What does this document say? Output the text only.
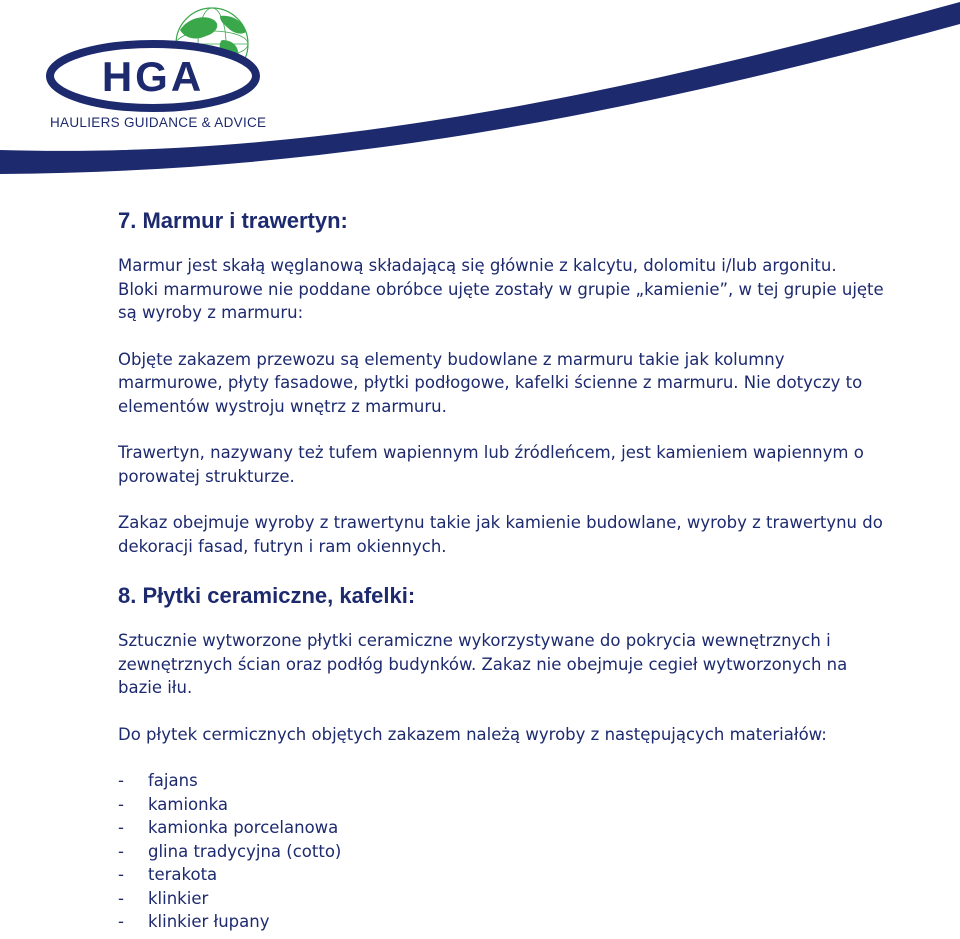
HGA
HAULIERS GUIDANCE & ADVICE
7. Marmur i trawertyn:

Marmur jest skałą węglanową składającą się głównie z kalcytu, dolomitu i/lub argonitu.
Bloki marmurowe nie poddane obróbce ujęte zostały w grupie „kamienie”, w tej grupie ujęte
są wyroby z marmuru:

Objęte zakazem przewozu są elementy budowlane z marmuru takie jak kolumny
marmurowe, płyty fasadowe, płytki podłogowe, kafelki ścienne z marmuru. Nie dotyczy to
elementów wystroju wnętrz z marmuru.

Trawertyn, nazywany też tufem wapiennym lub źródleńcem, jest kamieniem wapiennym o
porowatej strukturze.

Zakaz obejmuje wyroby z trawertynu takie jak kamienie budowlane, wyroby z trawertynu do
dekoracji fasad, futryn i ram okiennych.

8. Płytki ceramiczne, kafelki:

Sztucznie wytworzone płytki ceramiczne wykorzystywane do pokrycia wewnętrznych i
zewnętrznych ścian oraz podłóg budynków. Zakaz nie obejmuje cegieł wytworzonych na
bazie iłu.

Do płytek cermicznych objętych zakazem należą wyroby z następujących materiałów:

-	fajans
-	kamionka
-	kamionka porcelanowa
-	glina tradycyjna (cotto)
-	terakota
-	klinkier
-	klinkier łupany
